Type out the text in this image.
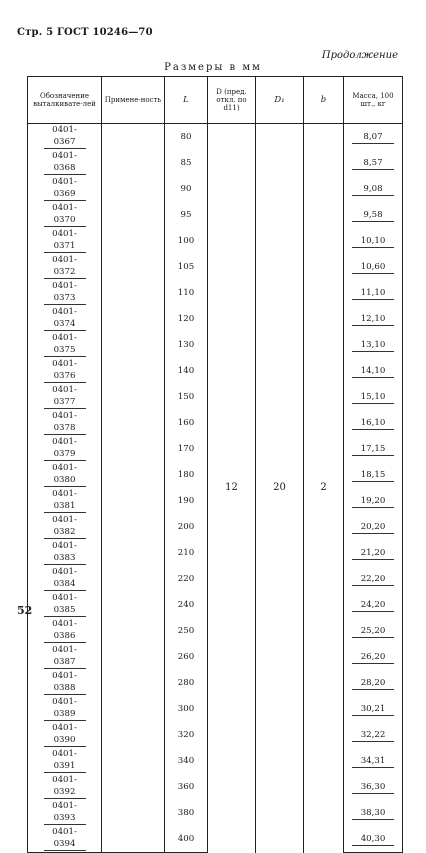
Стр. 5 ГОСТ 10246—70
Продолжение
Размеры в мм
Обозначение выталкивате-лей	Примене-ность	L	D (пред. откл. по d11)	D₁	b	Масса, 100 шт., кг
0401-0367		80	12	20	2	8,07
0401-0368		85				8,57
0401-0369		90				9,08
0401-0370		95				9,58
0401-0371		100				10,10
0401-0372		105				10,60
0401-0373		110				11,10
0401-0374		120				12,10
0401-0375		130				13,10
0401-0376		140				14,10
0401-0377		150				15,10
0401-0378		160				16,10
0401-0379		170				17,15
0401-0380		180				18,15
0401-0381		190				19,20
0401-0382		200				20,20
0401-0383		210				21,20
0401-0384		220				22,20
0401-0385		240				24,20
0401-0386		250				25,20
0401-0387		260				26,20
0401-0388		280				28,20
0401-0389		300				30,21
0401-0390		320				32,22
0401-0391		340				34,31
0401-0392		360				36,30
0401-0393		380				38,30
0401-0394		400				40,30
52
